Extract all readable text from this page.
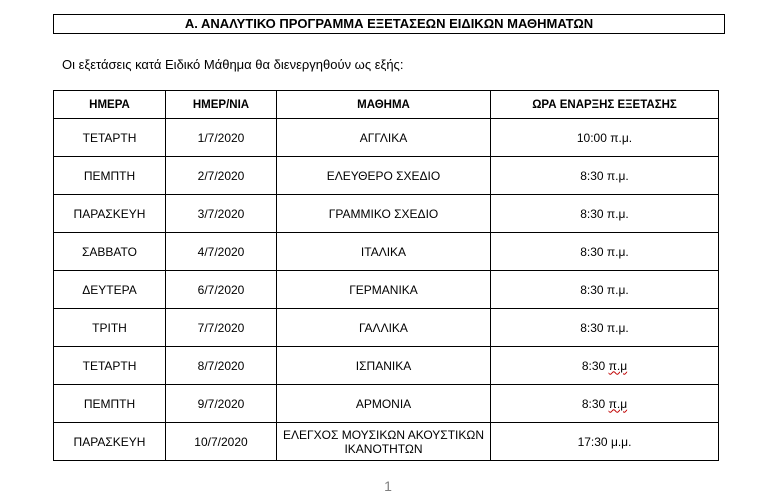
Α. ΑΝΑΛΥΤΙΚΟ ΠΡΟΓΡΑΜΜΑ ΕΞΕΤΑΣΕΩΝ ΕΙΔΙΚΩΝ ΜΑΘΗΜΑΤΩΝ
Οι εξετάσεις κατά Ειδικό Μάθημα θα διενεργηθούν ως εξής:
ΗΜΕΡΑ	ΗΜΕΡ/ΝΙΑ	ΜΑΘΗΜΑ	ΩΡΑ ΕΝΑΡΞΗΣ ΕΞΕΤΑΣΗΣ
ΤΕΤΑΡΤΗ	1/7/2020	ΑΓΓΛΙΚΑ	10:00 π.μ.
ΠΕΜΠΤΗ	2/7/2020	ΕΛΕΥΘΕΡΟ ΣΧΕΔΙΟ	8:30 π.μ.
ΠΑΡΑΣΚΕΥΗ	3/7/2020	ΓΡΑΜΜΙΚΟ ΣΧΕΔΙΟ	8:30 π.μ.
ΣΑΒΒΑΤΟ	4/7/2020	ΙΤΑΛΙΚΑ	8:30 π.μ.
ΔΕΥΤΕΡΑ	6/7/2020	ΓΕΡΜΑΝΙΚΑ	8:30 π.μ.
ΤΡΙΤΗ	7/7/2020	ΓΑΛΛΙΚΑ	8:30 π.μ.
ΤΕΤΑΡΤΗ	8/7/2020	ΙΣΠΑΝΙΚΑ	8:30 π.μ
ΠΕΜΠΤΗ	9/7/2020	ΑΡΜΟΝΙΑ	8:30 π.μ
ΠΑΡΑΣΚΕΥΗ	10/7/2020	ΕΛΕΓΧΟΣ ΜΟΥΣΙΚΩΝ ΑΚΟΥΣΤΙΚΩΝ ΙΚΑΝΟΤΗΤΩΝ	17:30 μ.μ.
1
